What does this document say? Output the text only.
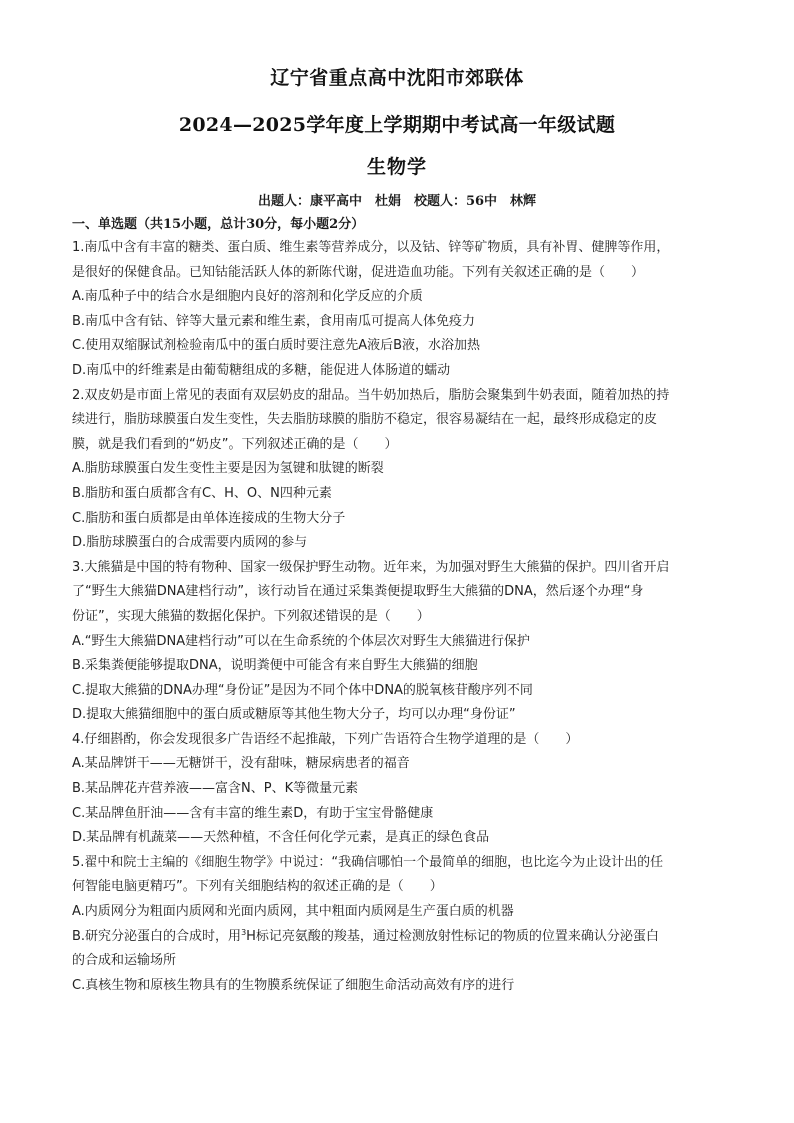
辽宁省重点高中沈阳市郊联体
2024—2025学年度上学期期中考试高一年级试题
生物学
出题人：康平高中　杜娟　校题人：56中　林辉
一、单选题（共15小题，总计30分，每小题2分）
1.南瓜中含有丰富的糖类、蛋白质、维生素等营养成分，以及钴、锌等矿物质，具有补胃、健脾等作用，
是很好的保健食品。已知钴能活跃人体的新陈代谢，促进造血功能。下列有关叙述正确的是（　　）
A.南瓜种子中的结合水是细胞内良好的溶剂和化学反应的介质
B.南瓜中含有钴、锌等大量元素和维生素，食用南瓜可提高人体免疫力
C.使用双缩脲试剂检验南瓜中的蛋白质时要注意先A液后B液，水浴加热
D.南瓜中的纤维素是由葡萄糖组成的多糖，能促进人体肠道的蠕动
2.双皮奶是市面上常见的表面有双层奶皮的甜品。当牛奶加热后，脂肪会聚集到牛奶表面，随着加热的持
续进行，脂肪球膜蛋白发生变性，失去脂肪球膜的脂肪不稳定，很容易凝结在一起，最终形成稳定的皮
膜，就是我们看到的“奶皮”。下列叙述正确的是（　　）
A.脂肪球膜蛋白发生变性主要是因为氢键和肽键的断裂
B.脂肪和蛋白质都含有C、H、O、N四种元素
C.脂肪和蛋白质都是由单体连接成的生物大分子
D.脂肪球膜蛋白的合成需要内质网的参与
3.大熊猫是中国的特有物种、国家一级保护野生动物。近年来，为加强对野生大熊猫的保护。四川省开启
了“野生大熊猫DNA建档行动”，该行动旨在通过采集粪便提取野生大熊猫的DNA，然后逐个办理“身
份证”，实现大熊猫的数据化保护。下列叙述错误的是（　　）
A.“野生大熊猫DNA建档行动”可以在生命系统的个体层次对野生大熊猫进行保护
B.采集粪便能够提取DNA，说明粪便中可能含有来自野生大熊猫的细胞
C.提取大熊猫的DNA办理“身份证”是因为不同个体中DNA的脱氧核苷酸序列不同
D.提取大熊猫细胞中的蛋白质或糖原等其他生物大分子，均可以办理“身份证”
4.仔细斟酌，你会发现很多广告语经不起推敲，下列广告语符合生物学道理的是（　　）
A.某品牌饼干——无糖饼干，没有甜味，糖尿病患者的福音
B.某品牌花卉营养液——富含N、P、K等微量元素
C.某品牌鱼肝油——含有丰富的维生素D，有助于宝宝骨骼健康
D.某品牌有机蔬菜——天然种植，不含任何化学元素，是真正的绿色食品
5.翟中和院士主编的《细胞生物学》中说过：“我确信哪怕一个最简单的细胞，也比迄今为止设计出的任
何智能电脑更精巧”。下列有关细胞结构的叙述正确的是（　　）
A.内质网分为粗面内质网和光面内质网，其中粗面内质网是生产蛋白质的机器
B.研究分泌蛋白的合成时，用$^3$H标记亮氨酸的羧基，通过检测放射性标记的物质的位置来确认分泌蛋白
的合成和运输场所
C.真核生物和原核生物具有的生物膜系统保证了细胞生命活动高效有序的进行
